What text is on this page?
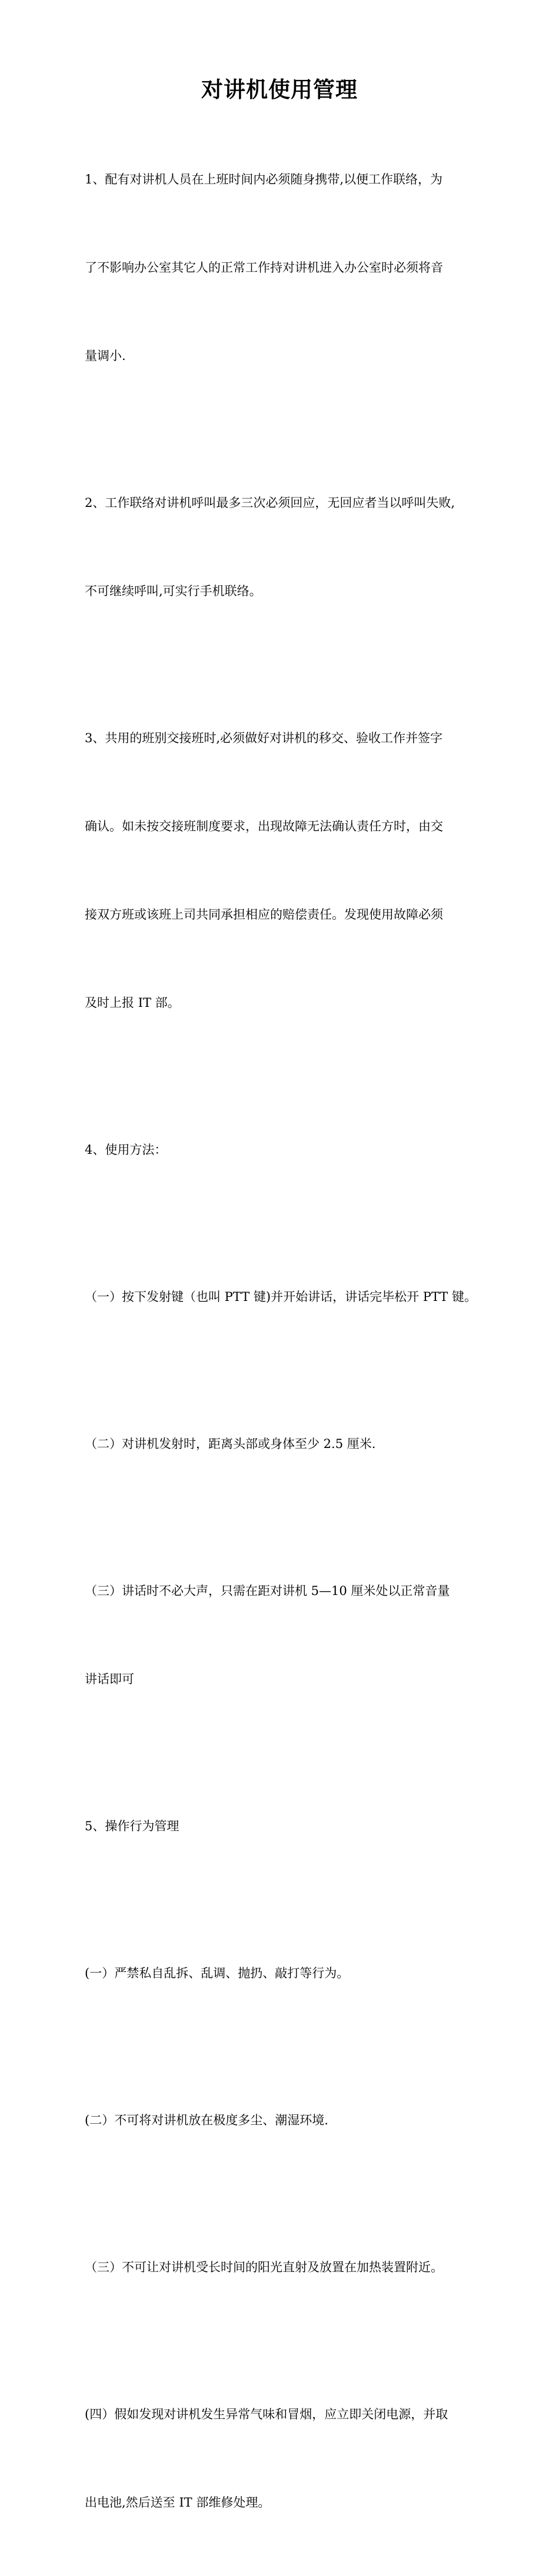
对讲机使用管理

1、配有对讲机人员在上班时间内必须随身携带,以便工作联络，为

了不影响办公室其它人的正常工作持对讲机进入办公室时必须将音

量调小.

2、工作联络对讲机呼叫最多三次必须回应，无回应者当以呼叫失败,

不可继续呼叫,可实行手机联络。

3、共用的班别交接班时,必须做好对讲机的移交、验收工作并签字

确认。如未按交接班制度要求，出现故障无法确认责任方时，由交

接双方班或该班上司共同承担相应的赔偿责任。发现使用故障必须

及时上报 IT 部。

4、使用方法：

（一）按下发射键（也叫 PTT 键)并开始讲话，讲话完毕松开 PTT 键。

（二）对讲机发射时，距离头部或身体至少 2.5 厘米.

（三）讲话时不必大声，只需在距对讲机 5—10 厘米处以正常音量

讲话即可

5、操作行为管理

(一）严禁私自乱拆、乱调、抛扔、敲打等行为。

(二）不可将对讲机放在极度多尘、潮湿环境.

（三）不可让对讲机受长时间的阳光直射及放置在加热装置附近。

(四）假如发现对讲机发生异常气味和冒烟，应立即关闭电源，并取

出电池,然后送至 IT 部维修处理。
